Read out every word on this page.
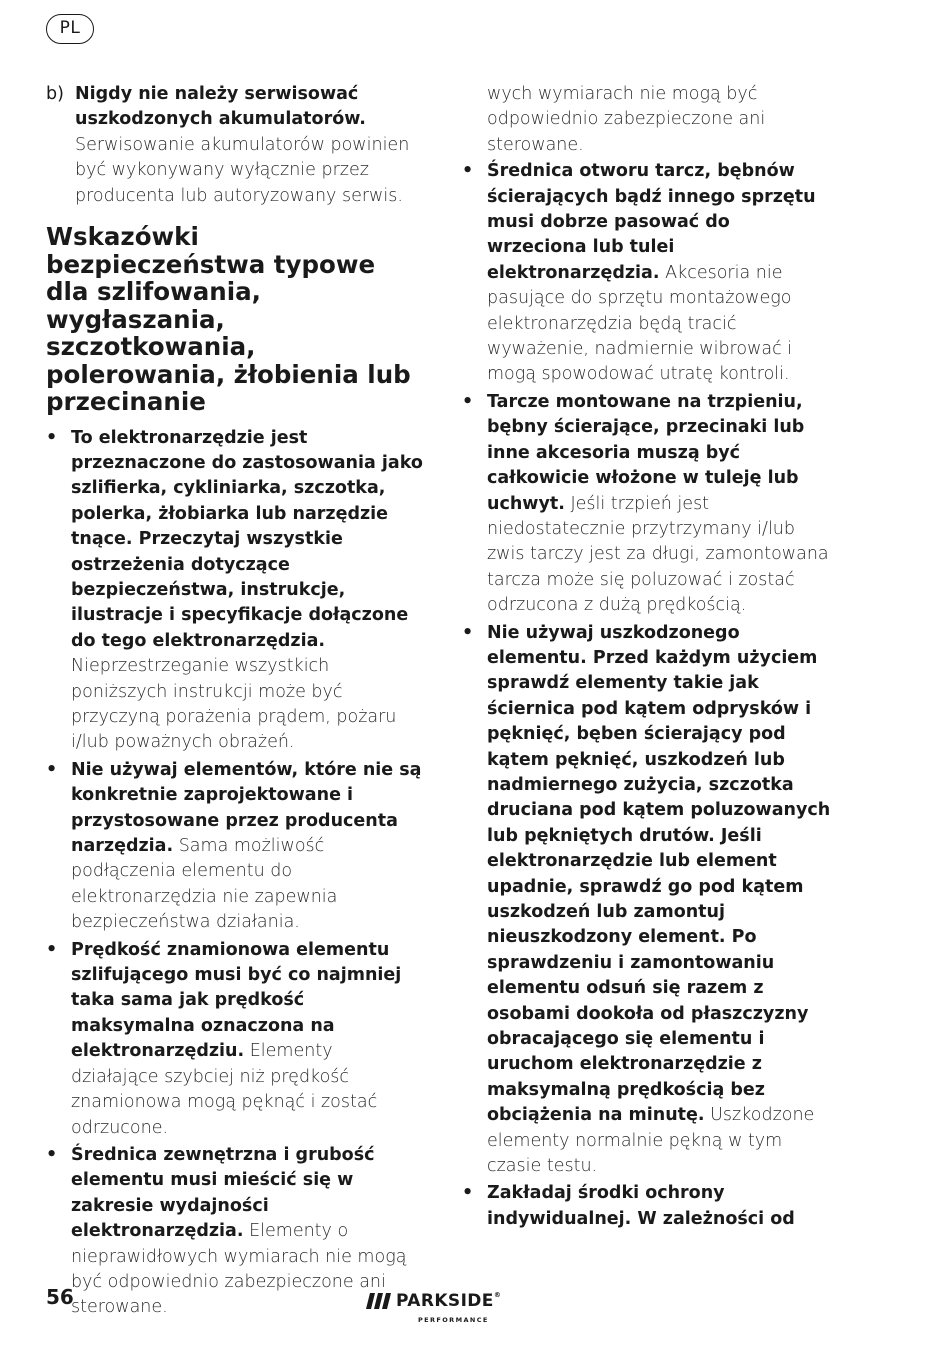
PL
b) Nigdy nie należy serwisować uszkodzonych akumulatorów. Serwisowanie akumulatorów powinien być wykonywany wyłącznie przez producenta lub autoryzowany serwis.
Wskazówki bezpieczeństwa typowe dla szlifowania, wygłaszania, szczotkowania, polerowania, żłobienia lub przecinanie
• To elektronarzędzie jest przeznaczone do zastosowania jako szlifierka, cykliniarka, szczotka, polerka, żłobiarka lub narzędzie tnące. Przeczytaj wszystkie ostrzeżenia dotyczące bezpieczeństwa, instrukcje, ilustracje i specyfikacje dołączone do tego elektronarzędzia. Nieprzestrzeganie wszystkich poniższych instrukcji może być przyczyną porażenia prądem, pożaru i/lub poważnych obrażeń.
• Nie używaj elementów, które nie są konkretnie zaprojektowane i przystosowane przez producenta narzędzia. Sama możliwość podłączenia elementu do elektronarzędzia nie zapewnia bezpieczeństwa działania.
• Prędkość znamionowa elementu szlifującego musi być co najmniej taka sama jak prędkość maksymalna oznaczona na elektronarzędziu. Elementy działające szybciej niż prędkość znamionowa mogą pęknąć i zostać odrzucone.
• Średnica zewnętrzna i grubość elementu musi mieścić się w zakresie wydajności elektronarzędzia. Elementy o nieprawidłowych wymiarach nie mogą być odpowiednio zabezpieczone ani sterowane.
wych wymiarach nie mogą być odpowiednio zabezpieczone ani sterowane.
• Średnica otworu tarcz, bębnów ścierających bądź innego sprzętu musi dobrze pasować do wrzeciona lub tulei elektronarzędzia. Akcesoria nie pasujące do sprzętu montażowego elektronarzędzia będą tracić wyważenie, nadmiernie wibrować i mogą spowodować utratę kontroli.
• Tarcze montowane na trzpieniu, bębny ścierające, przecinaki lub inne akcesoria muszą być całkowicie włożone w tuleję lub uchwyt. Jeśli trzpień jest niedostatecznie przytrzymany i/lub zwis tarczy jest za długi, zamontowana tarcza może się poluzować i zostać odrzucona z dużą prędkością.
• Nie używaj uszkodzonego elementu. Przed każdym użyciem sprawdź elementy takie jak ściernica pod kątem odprysków i pęknięć, bęben ścierający pod kątem pęknięć, uszkodzeń lub nadmiernego zużycia, szczotka druciana pod kątem poluzowanych lub pękniętych drutów. Jeśli elektronarzędzie lub element upadnie, sprawdź go pod kątem uszkodzeń lub zamontuj nieuszkodzony element. Po sprawdzeniu i zamontowaniu elementu odsuń się razem z osobami dookoła od płaszczyzny obracającego się elementu i uruchom elektronarzędzie z maksymalną prędkością bez obciążenia na minutę. Uszkodzone elementy normalnie pękną w tym czasie testu.
• Zakładaj środki ochrony indywidualnej. W zależności od
56	PARKSIDE®
PERFORMANCE
